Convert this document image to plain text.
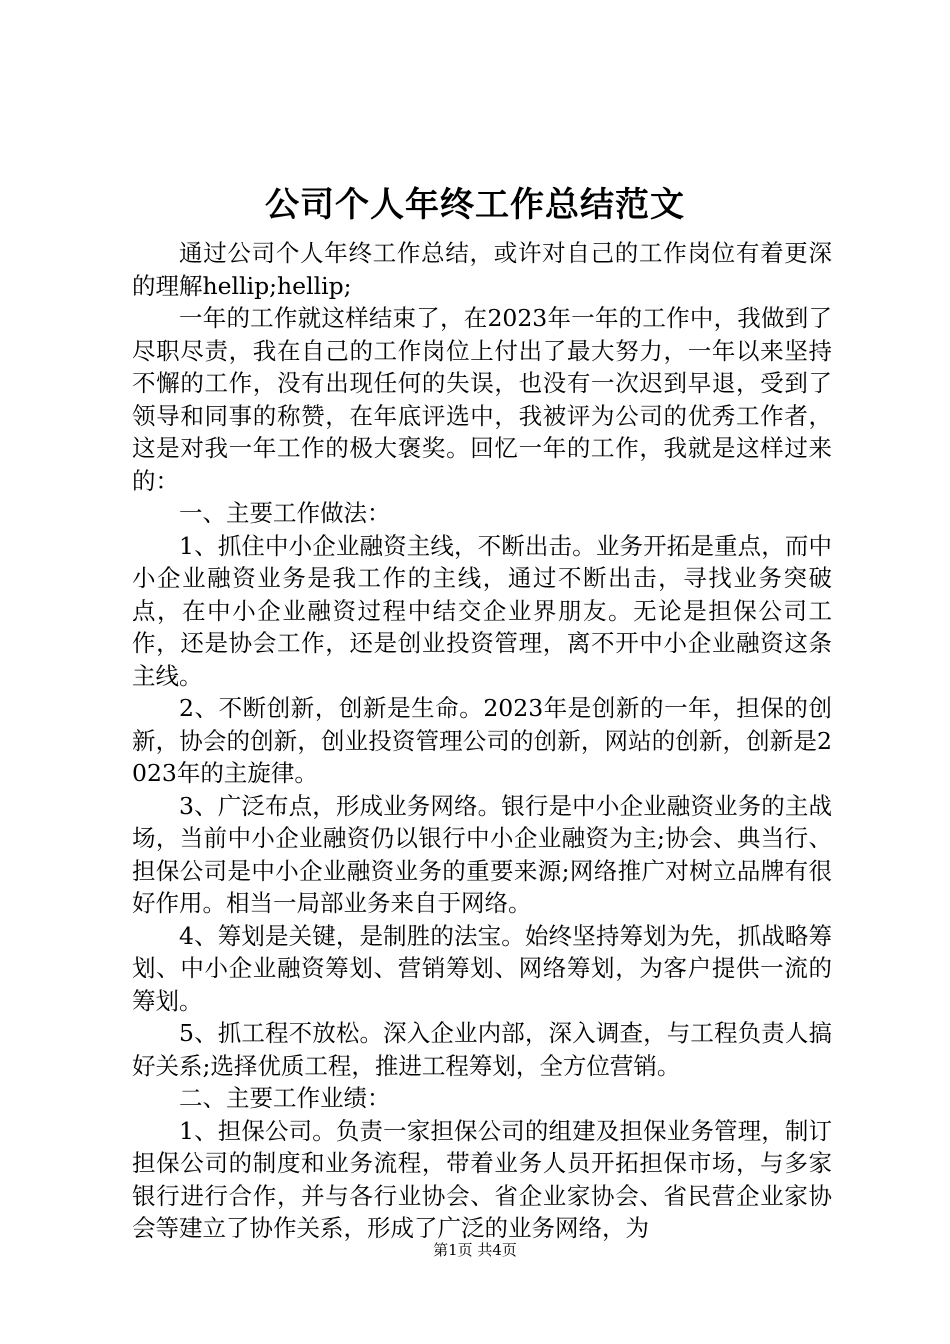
公司个人年终工作总结范文

通过公司个人年终工作总结，或许对自己的工作岗位有着更深的理解hellip;hellip;

一年的工作就这样结束了，在2023年一年的工作中，我做到了尽职尽责，我在自己的工作岗位上付出了最大努力，一年以来坚持不懈的工作，没有出现任何的失误，也没有一次迟到早退，受到了领导和同事的称赞，在年底评选中，我被评为公司的优秀工作者，这是对我一年工作的极大褒奖。回忆一年的工作，我就是这样过来的：

一、主要工作做法：

1、抓住中小企业融资主线，不断出击。业务开拓是重点，而中小企业融资业务是我工作的主线，通过不断出击，寻找业务突破点，在中小企业融资过程中结交企业界朋友。无论是担保公司工作，还是协会工作，还是创业投资管理，离不开中小企业融资这条主线。

2、不断创新，创新是生命。2023年是创新的一年，担保的创新，协会的创新，创业投资管理公司的创新，网站的创新，创新是2023年的主旋律。

3、广泛布点，形成业务网络。银行是中小企业融资业务的主战场，当前中小企业融资仍以银行中小企业融资为主;协会、典当行、担保公司是中小企业融资业务的重要来源;网络推广对树立品牌有很好作用。相当一局部业务来自于网络。

4、筹划是关键，是制胜的法宝。始终坚持筹划为先，抓战略筹划、中小企业融资筹划、营销筹划、网络筹划，为客户提供一流的筹划。

5、抓工程不放松。深入企业内部，深入调查，与工程负责人搞好关系;选择优质工程，推进工程筹划，全方位营销。

二、主要工作业绩：

1、担保公司。负责一家担保公司的组建及担保业务管理，制订担保公司的制度和业务流程，带着业务人员开拓担保市场，与多家银行进行合作，并与各行业协会、省企业家协会、省民营企业家协会等建立了协作关系，形成了广泛的业务网络，为

第1页 共4页
